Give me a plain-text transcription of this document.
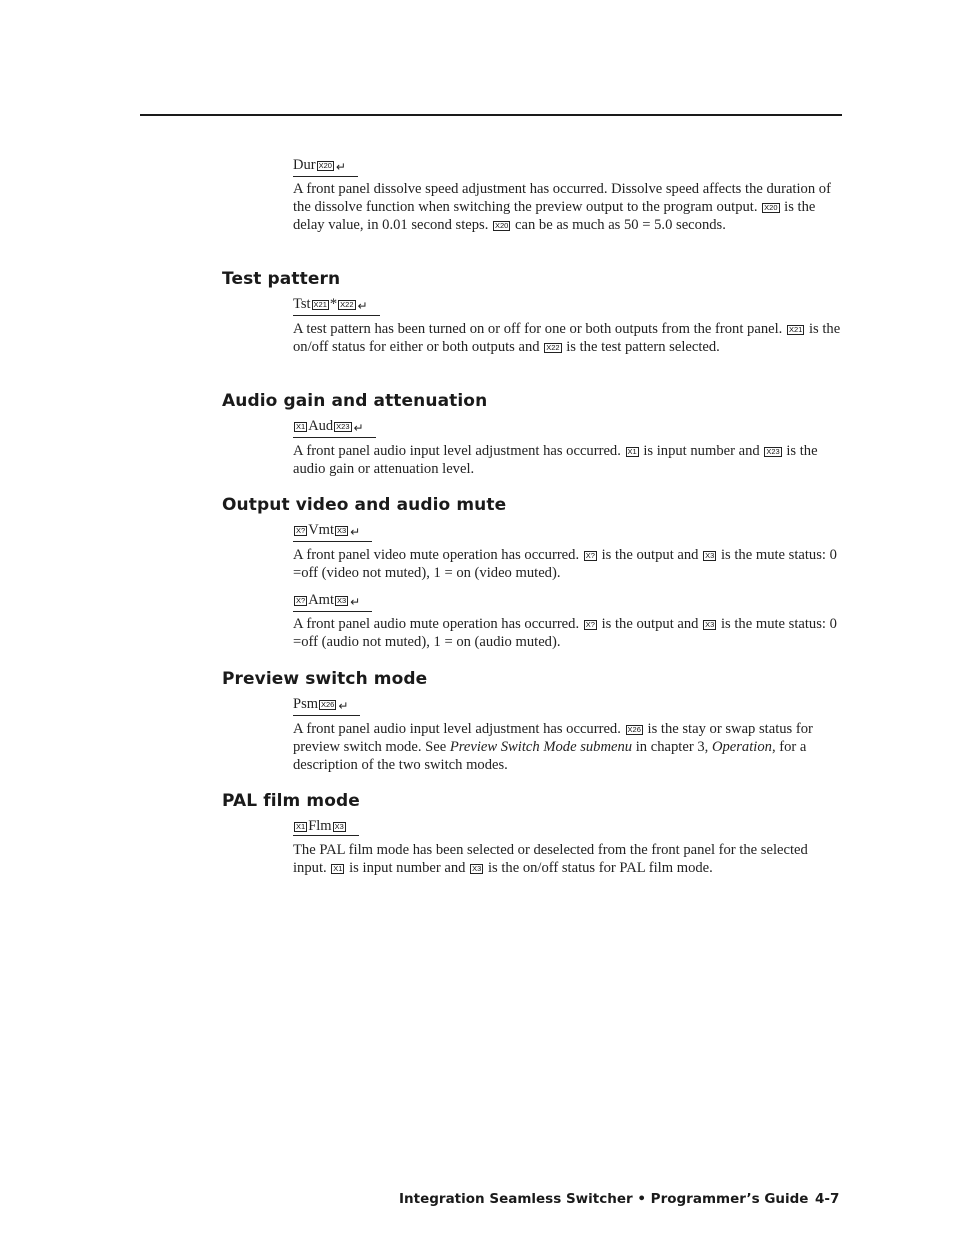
Dur X20 ↵
A front panel dissolve speed adjustment has occurred. Dissolve speed affects the duration of the dissolve function when switching the preview output to the program output. X20 is the delay value, in 0.01 second steps. X20 can be as much as 50 = 5.0 seconds.
Test pattern
Tst X21 * X22 ↵
A test pattern has been turned on or off for one or both outputs from the front panel. X21 is the on/off status for either or both outputs and X22 is the test pattern selected.
Audio gain and attenuation
X1 Aud X23 ↵
A front panel audio input level adjustment has occurred. X1 is input number and X23 is the audio gain or attenuation level.
Output video and audio mute
X? Vmt X3 ↵
A front panel video mute operation has occurred. X? is the output and X3 is the mute status: 0 =off (video not muted), 1 = on (video muted).
X? Amt X3 ↵
A front panel audio mute operation has occurred. X? is the output and X3 is the mute status: 0 =off (audio not muted), 1 = on (audio muted).
Preview switch mode
Psm X26 ↵
A front panel audio input level adjustment has occurred. X26 is the stay or swap status for preview switch mode. See Preview Switch Mode submenu in chapter 3, Operation, for a description of the two switch modes.
PAL film mode
X1 Flm X3
The PAL film mode has been selected or deselected from the front panel for the selected input. X1 is input number and X3 is the on/off status for PAL film mode.
Integration Seamless Switcher • Programmer’s Guide 4-7
